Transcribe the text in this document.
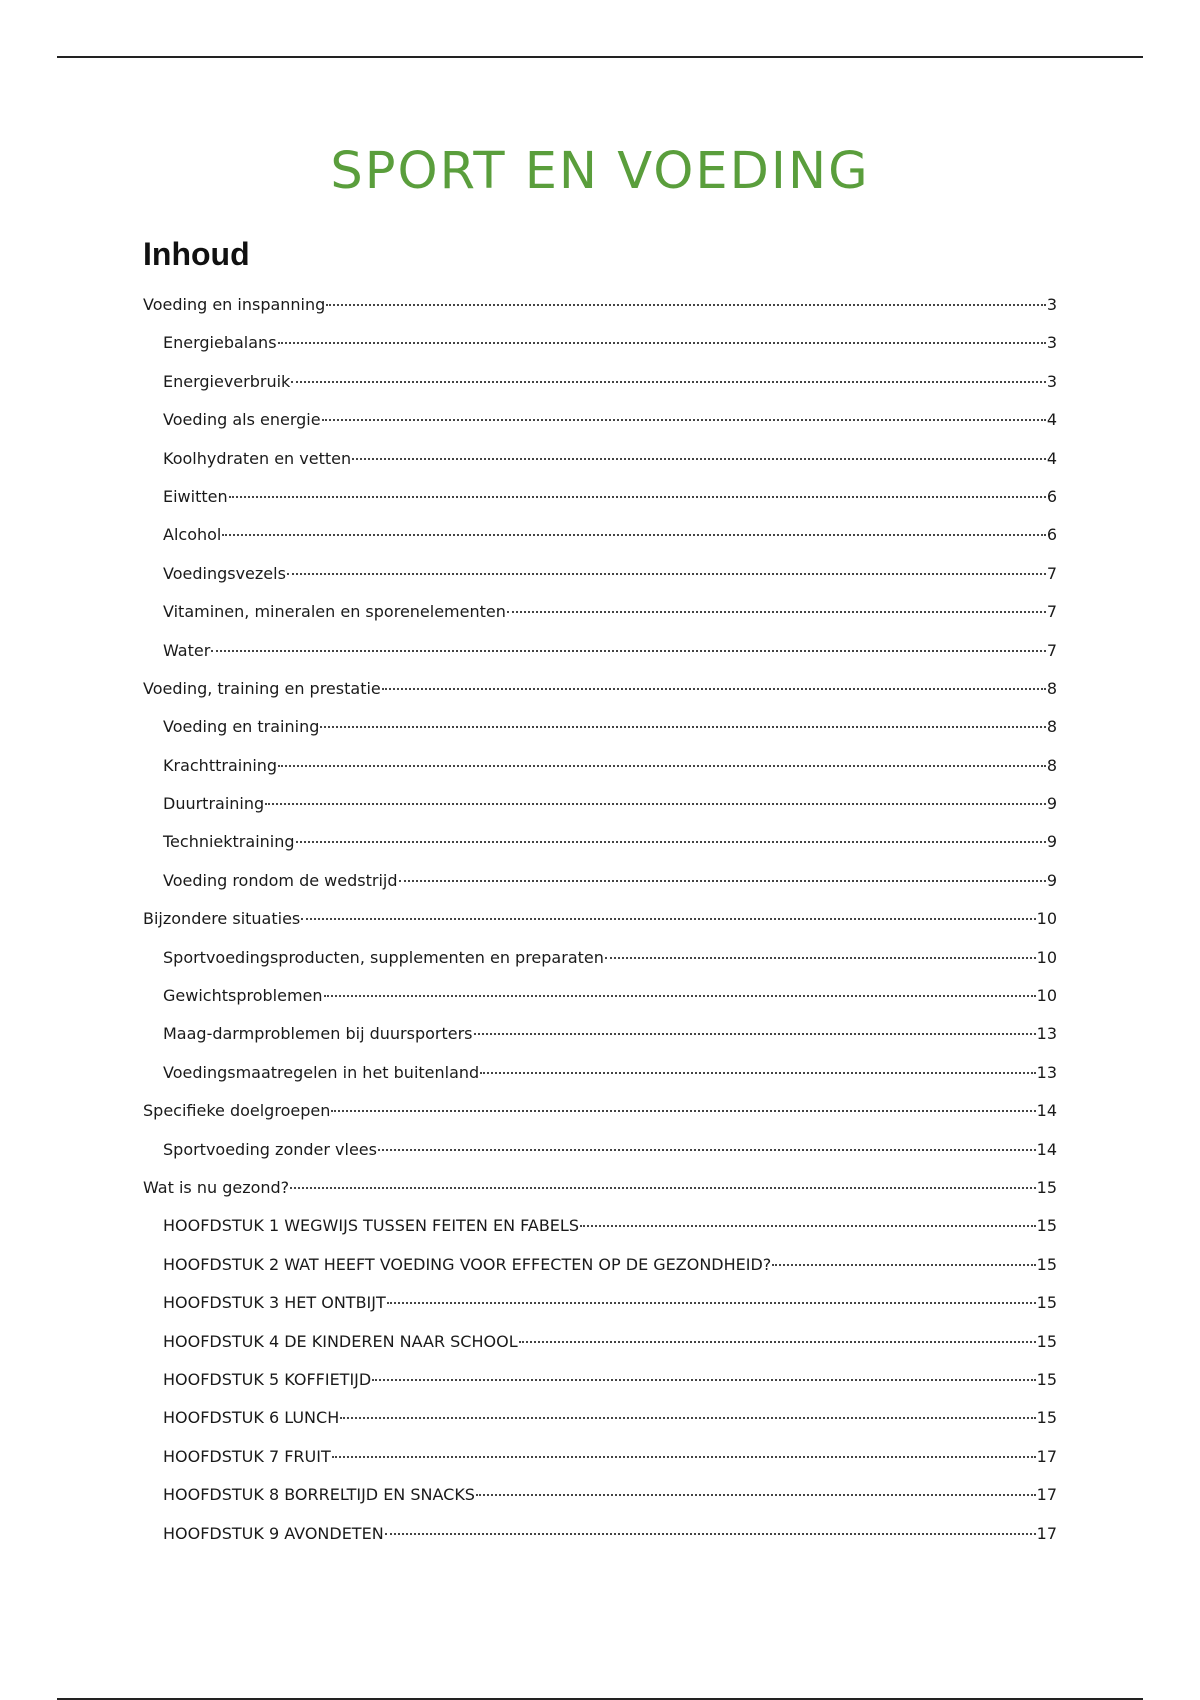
SPORT EN VOEDING
Inhoud
Voeding en inspanning	3
Energiebalans	3
Energieverbruik	3
Voeding als energie	4
Koolhydraten en vetten	4
Eiwitten	6
Alcohol	6
Voedingsvezels	7
Vitaminen, mineralen en sporenelementen	7
Water	7
Voeding, training en prestatie	8
Voeding en training	8
Krachttraining	8
Duurtraining	9
Techniektraining	9
Voeding rondom de wedstrijd	9
Bijzondere situaties	10
Sportvoedingsproducten, supplementen en preparaten	10
Gewichtsproblemen	10
Maag-darmproblemen bij duursporters	13
Voedingsmaatregelen in het buitenland	13
Specifieke doelgroepen	14
Sportvoeding zonder vlees	14
Wat is nu gezond?	15
HOOFDSTUK 1 WEGWIJS TUSSEN FEITEN EN FABELS	15
HOOFDSTUK 2 WAT HEEFT VOEDING VOOR EFFECTEN OP DE GEZONDHEID?	15
HOOFDSTUK 3 HET ONTBIJT	15
HOOFDSTUK 4 DE KINDEREN NAAR SCHOOL	15
HOOFDSTUK 5 KOFFIETIJD	15
HOOFDSTUK 6 LUNCH	15
HOOFDSTUK 7 FRUIT	17
HOOFDSTUK 8 BORRELTIJD EN SNACKS	17
HOOFDSTUK 9 AVONDETEN	17
